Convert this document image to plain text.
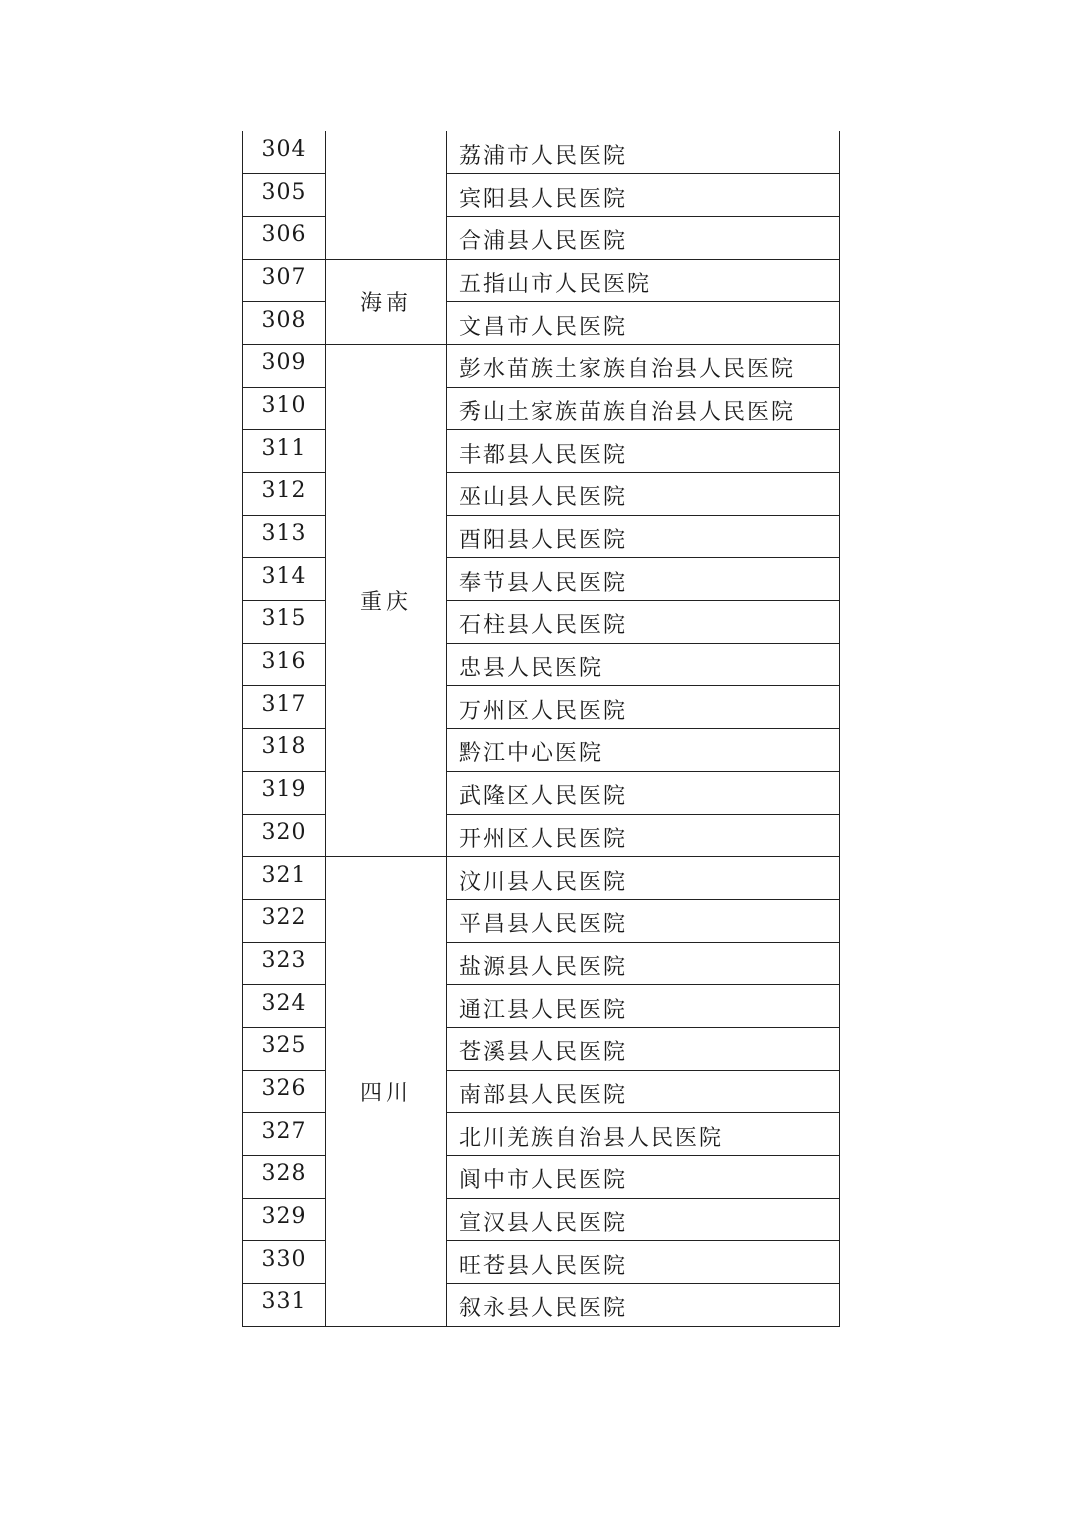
304		荔浦市人民医院
305		宾阳县人民医院
306		合浦县人民医院
307	海南	五指山市人民医院
308		文昌市人民医院
309	重庆	彭水苗族土家族自治县人民医院
310		秀山土家族苗族自治县人民医院
311		丰都县人民医院
312		巫山县人民医院
313		酉阳县人民医院
314		奉节县人民医院
315		石柱县人民医院
316		忠县人民医院
317		万州区人民医院
318		黔江中心医院
319		武隆区人民医院
320		开州区人民医院
321	四川	汶川县人民医院
322		平昌县人民医院
323		盐源县人民医院
324		通江县人民医院
325		苍溪县人民医院
326		南部县人民医院
327		北川羌族自治县人民医院
328		阆中市人民医院
329		宣汉县人民医院
330		旺苍县人民医院
331		叙永县人民医院
